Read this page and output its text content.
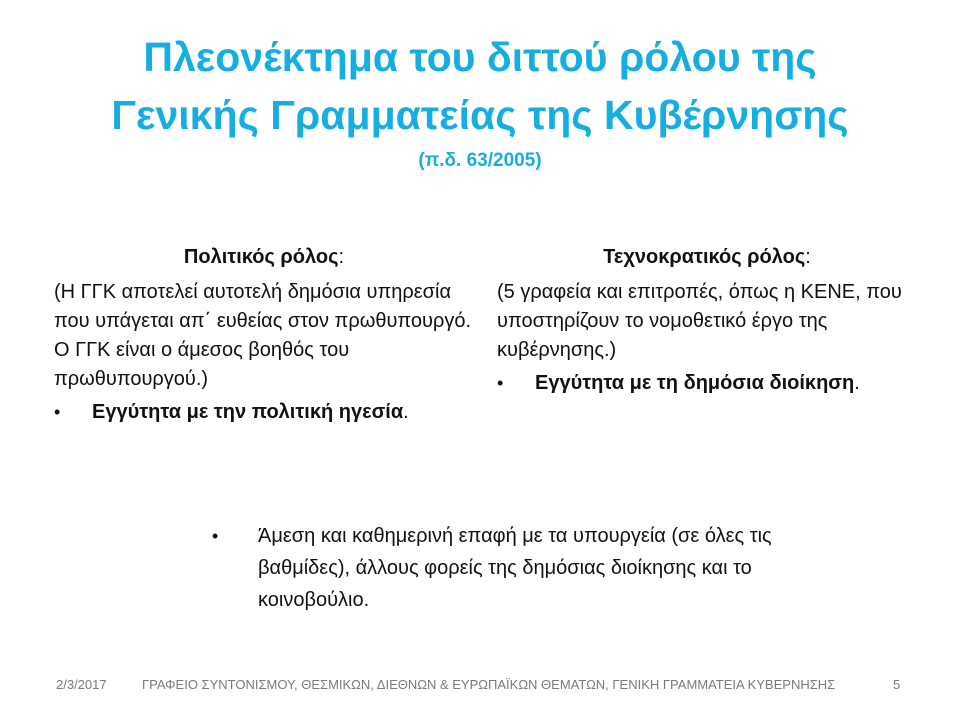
Πλεονέκτημα του διττού ρόλου της
Γενικής Γραμματείας της Κυβέρνησης
(π.δ. 63/2005)
Πολιτικός ρόλος:

(Η ΓΓΚ αποτελεί αυτοτελή δημόσια υπηρεσία που υπάγεται απ΄ ευθείας στον πρωθυπουργό. Ο ΓΓΚ είναι ο άμεσος βοηθός του πρωθυπουργού.)

•	Εγγύτητα με την πολιτική ηγεσία.
Τεχνοκρατικός ρόλος:

(5 γραφεία και επιτροπές, όπως η ΚΕΝΕ, που υποστηρίζουν το νομοθετικό έργο της κυβέρνησης.)

•	Εγγύτητα με τη δημόσια διοίκηση.
•	Άμεση και καθημερινή επαφή με τα υπουργεία (σε όλες τις βαθμίδες), άλλους φορείς της δημόσιας διοίκησης και το κοινοβούλιο.
2/3/2017	ΓΡΑΦΕΙΟ ΣΥΝΤΟΝΙΣΜΟΥ, ΘΕΣΜΙΚΩΝ, ΔΙΕΘΝΩΝ & ΕΥΡΩΠΑΪΚΩΝ ΘΕΜΑΤΩΝ, ΓΕΝΙΚΗ ΓΡΑΜΜΑΤΕΙΑ ΚΥΒΕΡΝΗΣΗΣ	5
